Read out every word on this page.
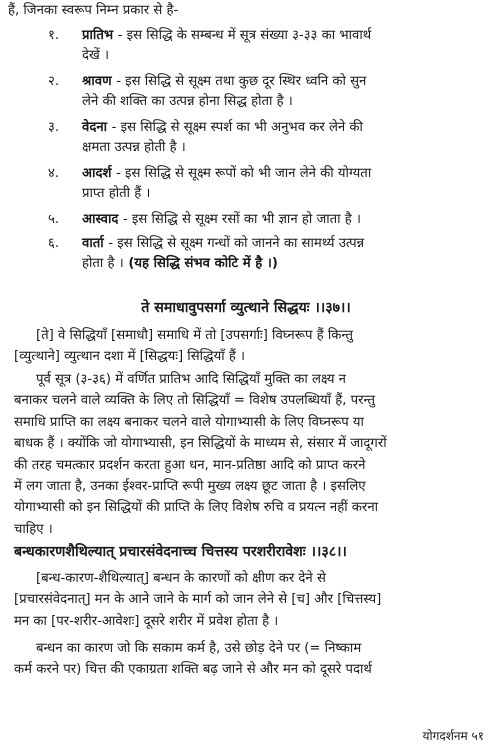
हैं, जिनका स्वरूप निम्न प्रकार से है-
१.	प्रातिभ - इस सिद्धि के सम्बन्ध में सूत्र संख्या ३-३३ का भावार्थ
देखें ।
२.	श्रावण - इस सिद्धि से सूक्ष्म तथा कुछ दूर स्थिर ध्वनि को सुन
लेने की शक्ति का उत्पन्न होना सिद्ध होता है ।
३.	वेदना - इस सिद्धि से सूक्ष्म स्पर्श का भी अनुभव कर लेने की
क्षमता उत्पन्न होती है ।
४.	आदर्श - इस सिद्धि से सूक्ष्म रूपों को भी जान लेने की योग्यता
प्राप्त होती हैं ।
५.	आस्वाद - इस सिद्धि से सूक्ष्म रसों का भी ज्ञान हो जाता है ।
६.	वार्ता - इस सिद्धि से सूक्ष्म गन्धों को जानने का सामर्थ्य उत्पन्न
होता है । (यह सिद्धि संभव कोटि में है ।)
ते समाधावुपसर्गा व्युत्थाने सिद्धयः ।।३७।।
[ते] वे सिद्धियाँ [समाधौ] समाधि में तो [उपसर्गाः] विघ्नरूप हैं किन्तु
[व्युत्थाने] व्युत्थान दशा में [सिद्धयः] सिद्धियाँ हैं ।
पूर्व सूत्र (३-३६) में वर्णित प्रातिभ आदि सिद्धियाँ मुक्ति का लक्ष्य न
बनाकर चलने वाले व्यक्ति के लिए तो सिद्धियाँ = विशेष उपलब्धियाँ हैं, परन्तु
समाधि प्राप्ति का लक्ष्य बनाकर चलने वाले योगाभ्यासी के लिए विघ्नरूप या
बाधक हैं । क्योंकि जो योगाभ्यासी, इन सिद्धियों के माध्यम से, संसार में जादूगरों
की तरह चमत्कार प्रदर्शन करता हुआ धन, मान-प्रतिष्ठा आदि को प्राप्त करने
में लग जाता है, उनका ईश्वर-प्राप्ति रूपी मुख्य लक्ष्य छूट जाता है । इसलिए
योगाभ्यासी को इन सिद्धियों की प्राप्ति के लिए विशेष रुचि व प्रयत्न नहीं करना
चाहिए ।
बन्धकारणशैथिल्यात् प्रचारसंवेदनाच्च चित्तस्य परशरीरावेशः ।।३८।।
[बन्ध-कारण-शैथिल्यात्] बन्धन के कारणों को क्षीण कर देने से
[प्रचारसंवेदनात्] मन के आने जाने के मार्ग को जान लेने से [च] और [चित्तस्य]
मन का [पर-शरीर-आवेशः] दूसरे शरीर में प्रवेश होता है ।
बन्धन का कारण जो कि सकाम कर्म है, उसे छोड़ देने पर (= निष्काम
कर्म करने पर) चित्त की एकाग्रता शक्ति बढ़ जाने से और मन को दूसरे पदार्थ
योगदर्शनम ५१
